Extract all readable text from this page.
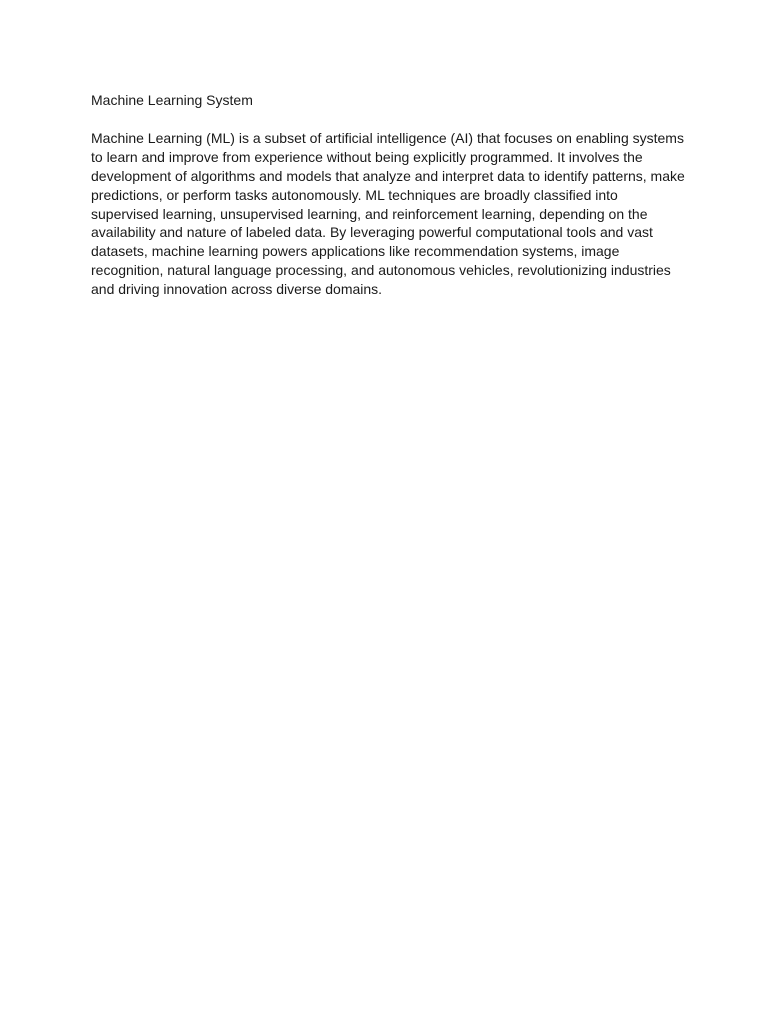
Machine Learning System

Machine Learning (ML) is a subset of artificial intelligence (AI) that focuses on enabling systems
to learn and improve from experience without being explicitly programmed. It involves the
development of algorithms and models that analyze and interpret data to identify patterns, make
predictions, or perform tasks autonomously. ML techniques are broadly classified into
supervised learning, unsupervised learning, and reinforcement learning, depending on the
availability and nature of labeled data. By leveraging powerful computational tools and vast
datasets, machine learning powers applications like recommendation systems, image
recognition, natural language processing, and autonomous vehicles, revolutionizing industries
and driving innovation across diverse domains.
